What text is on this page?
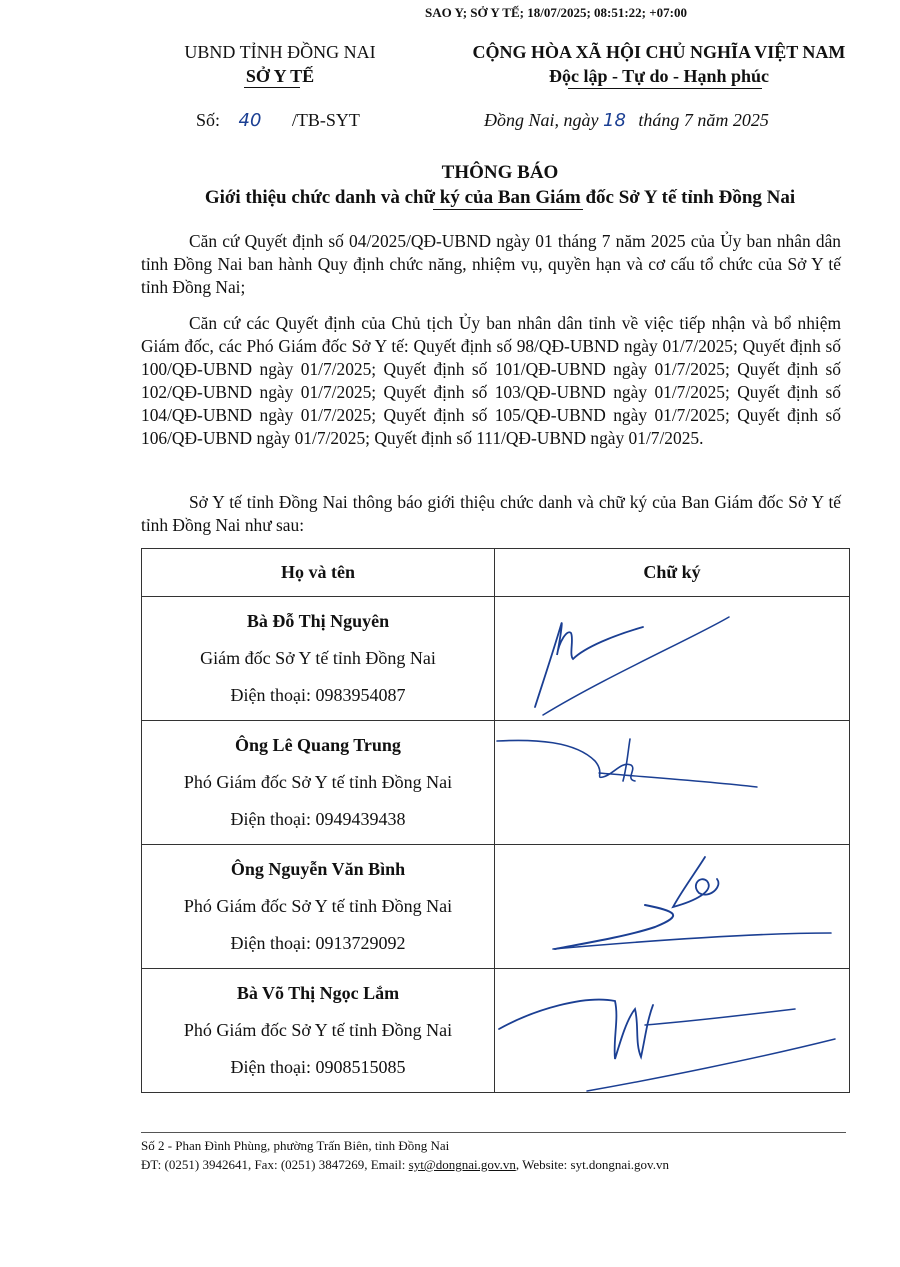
SAO Y; SỞ Y TẾ; 18/07/2025; 08:51:22; +07:00
UBND TỈNH ĐỒNG NAI
SỞ Y TẾ
CỘNG HÒA XÃ HỘI CHỦ NGHĨA VIỆT NAM
Độc lập - Tự do - Hạnh phúc
Số: 40 /TB-SYT	Đồng Nai, ngày 18 tháng 7 năm 2025
THÔNG BÁO
Giới thiệu chức danh và chữ ký của Ban Giám đốc Sở Y tế tỉnh Đồng Nai

Căn cứ Quyết định số 04/2025/QĐ-UBND ngày 01 tháng 7 năm 2025 của Ủy ban nhân dân tỉnh Đồng Nai ban hành Quy định chức năng, nhiệm vụ, quyền hạn và cơ cấu tổ chức của Sở Y tế tỉnh Đồng Nai;

Căn cứ các Quyết định của Chủ tịch Ủy ban nhân dân tỉnh về việc tiếp nhận và bổ nhiệm Giám đốc, các Phó Giám đốc Sở Y tế: Quyết định số 98/QĐ-UBND ngày 01/7/2025; Quyết định số 100/QĐ-UBND ngày 01/7/2025; Quyết định số 101/QĐ-UBND ngày 01/7/2025; Quyết định số 102/QĐ-UBND ngày 01/7/2025; Quyết định số 103/QĐ-UBND ngày 01/7/2025; Quyết định số 104/QĐ-UBND ngày 01/7/2025; Quyết định số 105/QĐ-UBND ngày 01/7/2025; Quyết định số 106/QĐ-UBND ngày 01/7/2025; Quyết định số 111/QĐ-UBND ngày 01/7/2025.

Sở Y tế tỉnh Đồng Nai thông báo giới thiệu chức danh và chữ ký của Ban Giám đốc Sở Y tế tỉnh Đồng Nai như sau:

Họ và tên	Chữ ký

Bà Đỗ Thị Nguyên
Giám đốc Sở Y tế tỉnh Đồng Nai
Điện thoại: 0983954087

Ông Lê Quang Trung
Phó Giám đốc Sở Y tế tỉnh Đồng Nai
Điện thoại: 0949439438

Ông Nguyễn Văn Bình
Phó Giám đốc Sở Y tế tỉnh Đồng Nai
Điện thoại: 0913729092

Bà Võ Thị Ngọc Lắm
Phó Giám đốc Sở Y tế tỉnh Đồng Nai
Điện thoại: 0908515085

Số 2 - Phan Đình Phùng, phường Trấn Biên, tỉnh Đồng Nai
ĐT: (0251) 3942641, Fax: (0251) 3847269, Email: syt@dongnai.gov.vn, Website: syt.dongnai.gov.vn
